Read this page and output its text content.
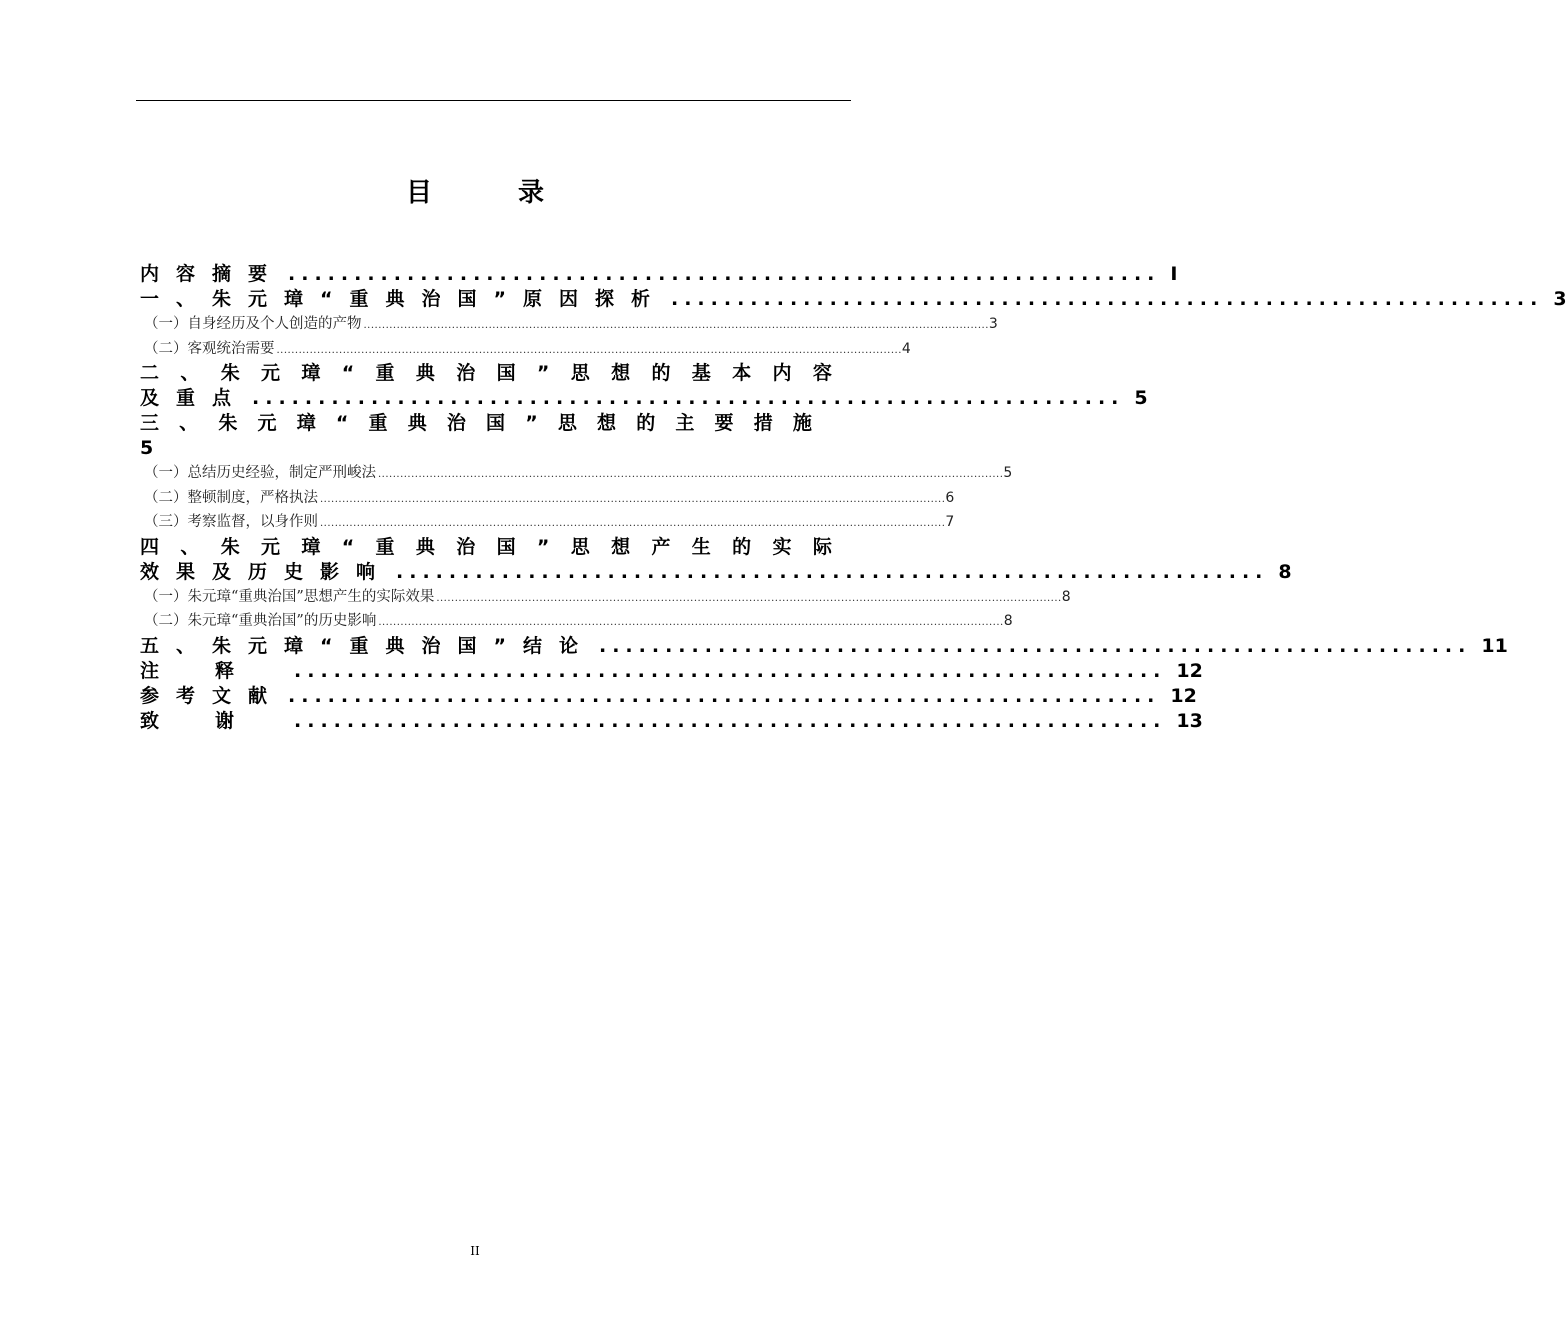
目　录
内容摘要 .................................................................. I
一、朱元璋“重典治国”原因探析 .................................................................. 3
（一）自身经历及个人创造的产物 .......................................................................................................................................................................... 3
（二）客观统治需要 .......................................................................................................................................................................... 4
二 、 朱 元 璋 “ 重 典 治 国 ” 思 想 的 基 本 内 容
及重点 .................................................................. 5
三 、 朱 元 璋 “ 重 典 治 国 ” 思 想 的 主 要 措 施
5
（一）总结历史经验，制定严刑峻法 .......................................................................................................................................................................... 5
（二）整顿制度，严格执法 .......................................................................................................................................................................... 6
（三）考察监督，以身作则 .......................................................................................................................................................................... 7
四 、 朱 元 璋 “ 重 典 治 国 ” 思 想 产 生 的 实 际
效果及历史影响 .................................................................. 8
（一）朱元璋“重典治国”思想产生的实际效果 .......................................................................................................................................................................... 8
（二）朱元璋“重典治国”的历史影响 .......................................................................................................................................................................... 8
五、朱元璋“重典治国”结论 .................................................................. 11
注释 .................................................................. 12
参考文献 .................................................................. 12
致谢 .................................................................. 13
II
